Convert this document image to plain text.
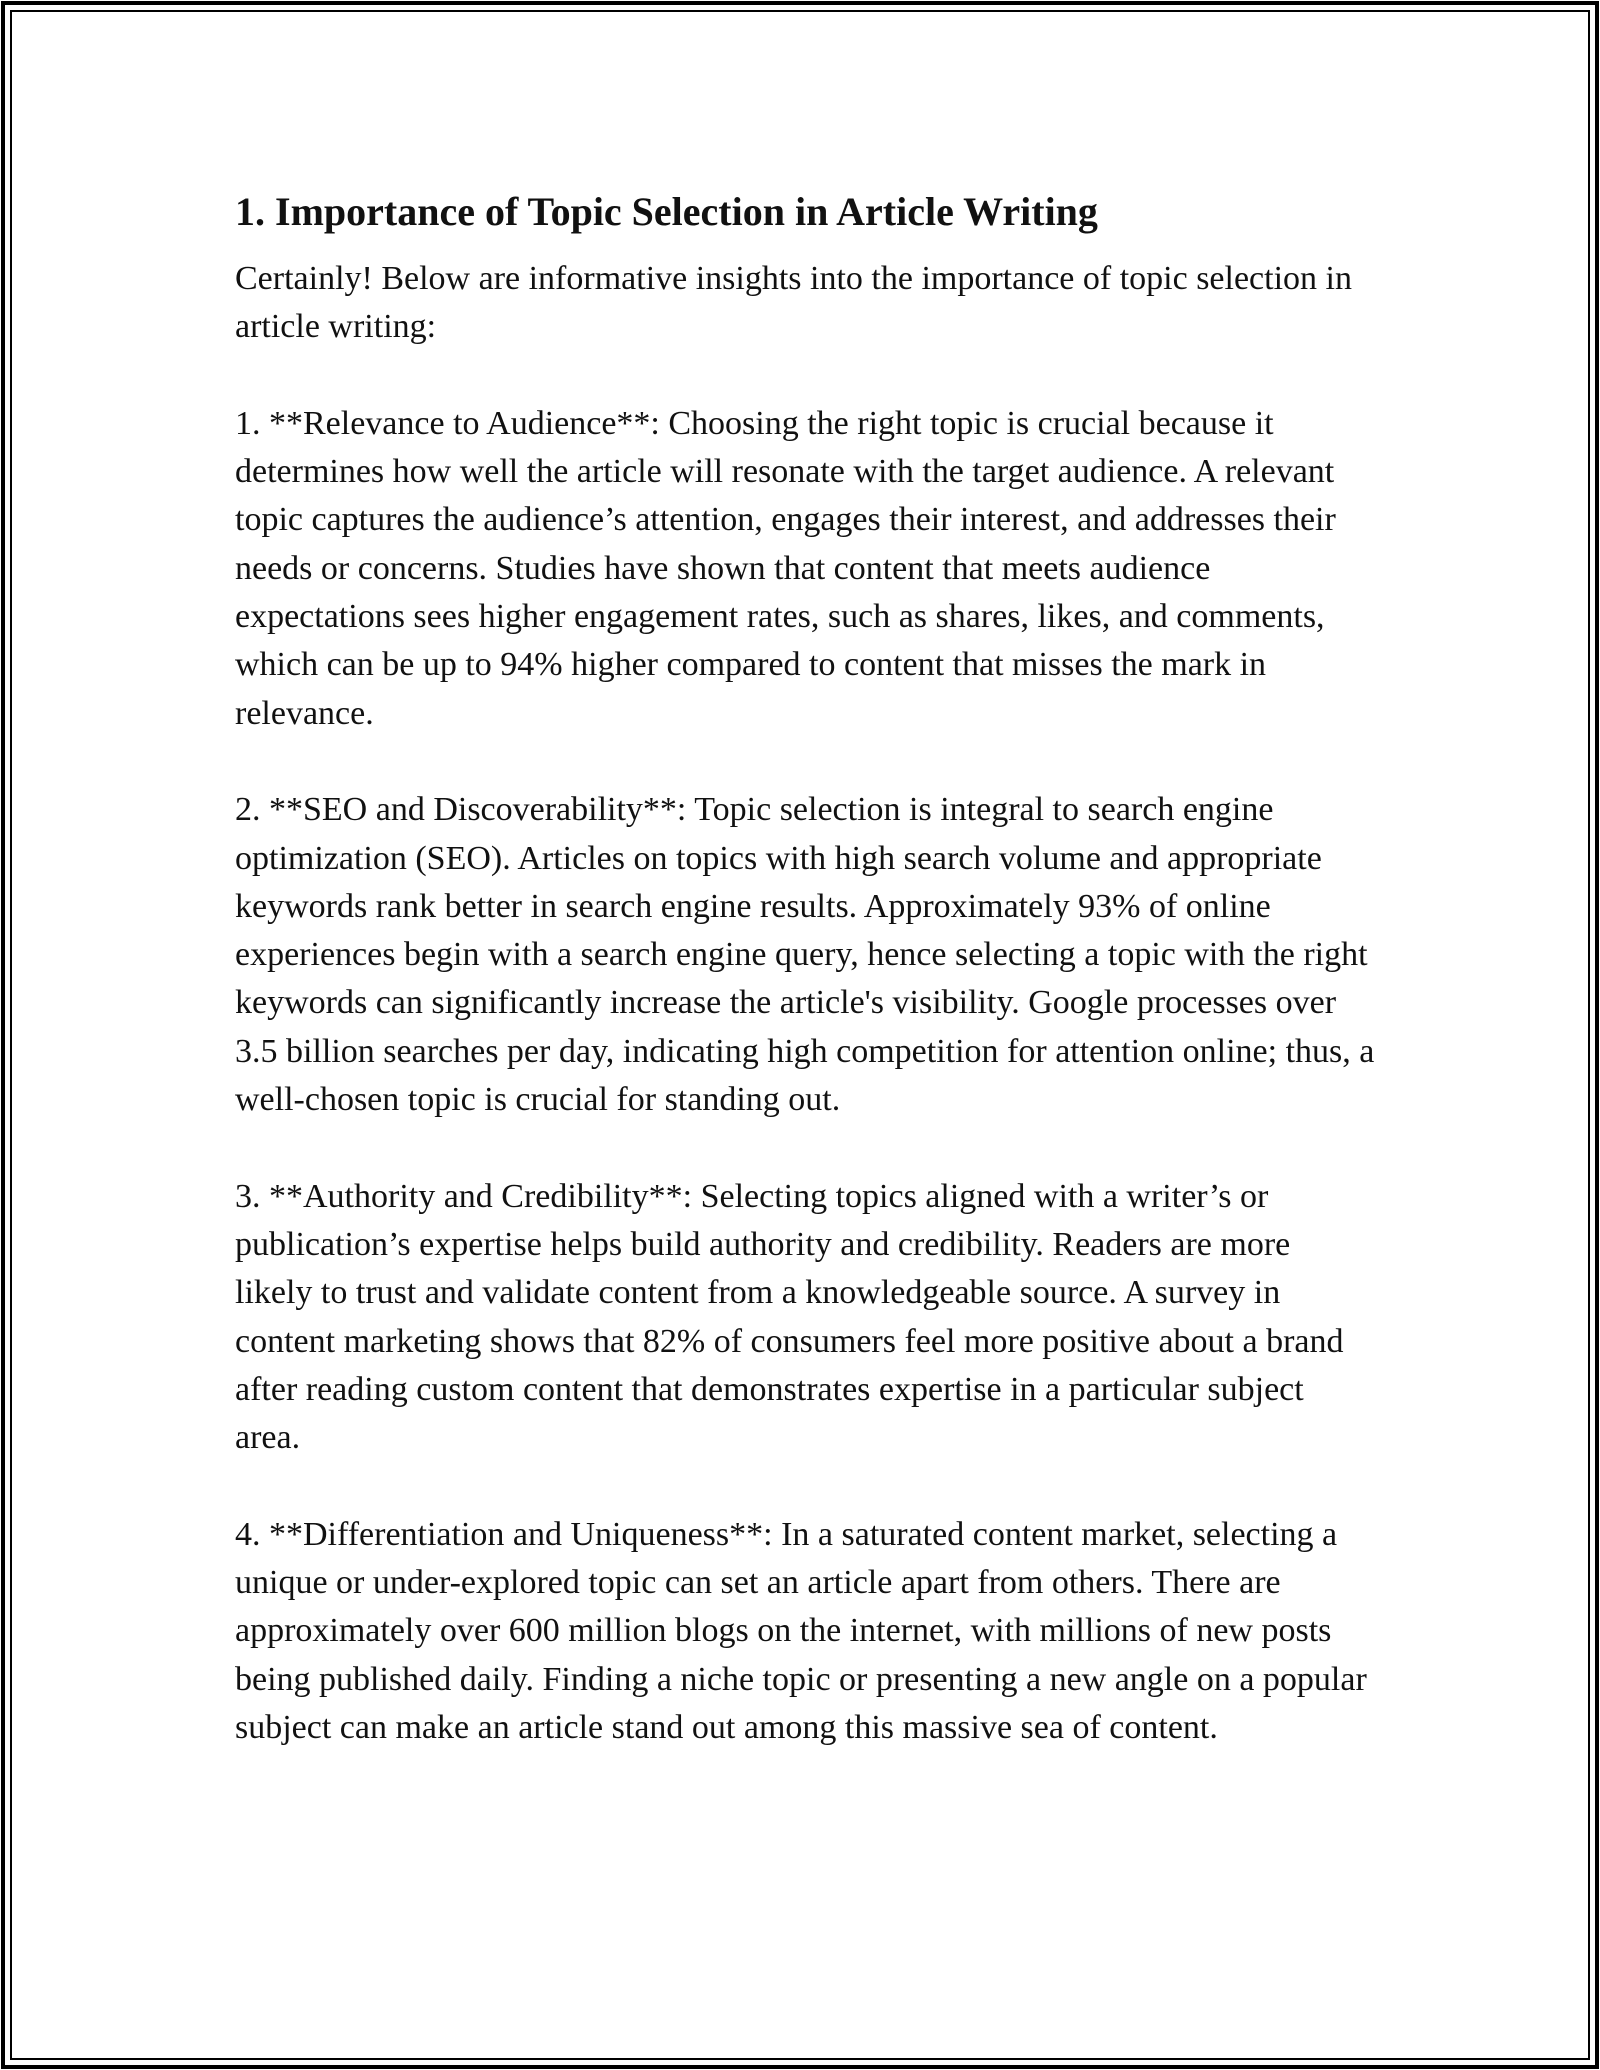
1. Importance of Topic Selection in Article Writing

Certainly! Below are informative insights into the importance of topic selection in article writing:

1. **Relevance to Audience**: Choosing the right topic is crucial because it determines how well the article will resonate with the target audience. A relevant topic captures the audience’s attention, engages their interest, and addresses their needs or concerns. Studies have shown that content that meets audience expectations sees higher engagement rates, such as shares, likes, and comments, which can be up to 94% higher compared to content that misses the mark in relevance.

2. **SEO and Discoverability**: Topic selection is integral to search engine optimization (SEO). Articles on topics with high search volume and appropriate keywords rank better in search engine results. Approximately 93% of online experiences begin with a search engine query, hence selecting a topic with the right keywords can significantly increase the article's visibility. Google processes over 3.5 billion searches per day, indicating high competition for attention online; thus, a well-chosen topic is crucial for standing out.

3. **Authority and Credibility**: Selecting topics aligned with a writer’s or publication’s expertise helps build authority and credibility. Readers are more likely to trust and validate content from a knowledgeable source. A survey in content marketing shows that 82% of consumers feel more positive about a brand after reading custom content that demonstrates expertise in a particular subject area.

4. **Differentiation and Uniqueness**: In a saturated content market, selecting a unique or under-explored topic can set an article apart from others. There are approximately over 600 million blogs on the internet, with millions of new posts being published daily. Finding a niche topic or presenting a new angle on a popular subject can make an article stand out among this massive sea of content.
